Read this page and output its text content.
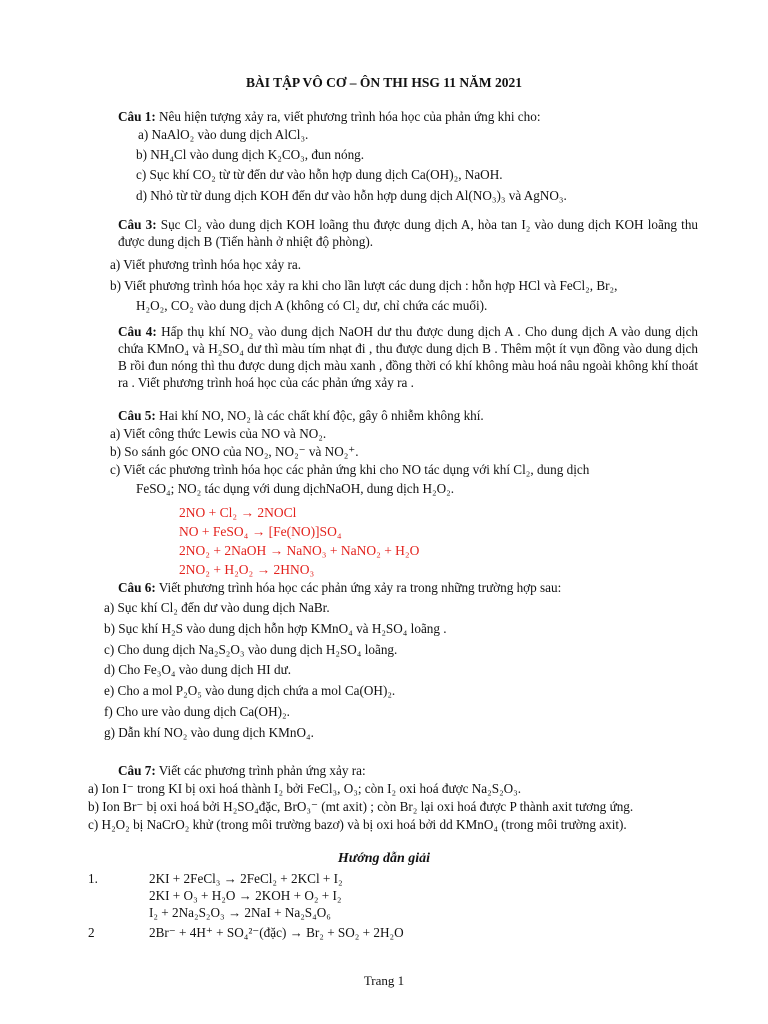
BÀI TẬP VÔ CƠ – ÔN THI HSG 11 NĂM 2021
Câu 1: Nêu hiện tượng xảy ra, viết phương trình hóa học của phản ứng khi cho:
a) NaAlO₂ vào dung dịch AlCl₃.
b) NH₄Cl vào dung dịch K₂CO₃, đun nóng.
c) Sục khí CO₂ từ từ đến dư vào hỗn hợp dung dịch Ca(OH)₂, NaOH.
d) Nhỏ từ từ dung dịch KOH đến dư vào hỗn hợp dung dịch Al(NO₃)₃ và AgNO₃.
Câu 3: Sục Cl₂ vào dung dịch KOH loãng thu được dung dịch A, hòa tan I₂ vào dung dịch KOH loãng thu được dung dịch B (Tiến hành ở nhiệt độ phòng).
a) Viết phương trình hóa học xảy ra.
b) Viết phương trình hóa học xảy ra khi cho lần lượt các dung dịch : hỗn hợp HCl và FeCl₂, Br₂,
H₂O₂, CO₂ vào dung dịch A (không có Cl₂ dư, chỉ chứa các muối).
Câu 4: Hấp thụ khí NO₂ vào dung dịch NaOH dư thu được dung dịch A . Cho dung dịch A vào dung dịch chứa KMnO₄ và H₂SO₄ dư thì màu tím nhạt đi , thu được dung dịch B . Thêm một ít vụn đồng vào dung dịch B rồi đun nóng thì thu được dung dịch màu xanh , đồng thời có khí không màu hoá nâu ngoài không khí thoát ra . Viết phương trình hoá học của các phản ứng xảy ra .
Câu 5: Hai khí NO, NO₂ là các chất khí độc, gây ô nhiễm không khí.
a) Viết công thức Lewis của NO và NO₂.
b) So sánh góc ONO của NO₂, NO₂⁻ và NO₂⁺.
c) Viết các phương trình hóa học các phản ứng khi cho NO tác dụng với khí Cl₂, dung dịch
FeSO₄; NO₂ tác dụng với dung dịchNaOH, dung dịch H₂O₂.
2NO + Cl₂ → 2NOCl
NO + FeSO₄ → [Fe(NO)]SO₄
2NO₂ + 2NaOH → NaNO₃ + NaNO₂ + H₂O
2NO₂ + H₂O₂ → 2HNO₃
Câu 6: Viết phương trình hóa học các phản ứng xảy ra trong những trường hợp sau:
a) Sục khí Cl₂ đến dư vào dung dịch NaBr.
b) Sục khí H₂S vào dung dịch hỗn hợp KMnO₄ và H₂SO₄ loãng .
c) Cho dung dịch Na₂S₂O₃ vào dung dịch H₂SO₄ loãng.
d) Cho Fe₃O₄ vào dung dịch HI dư.
e) Cho a mol P₂O₅ vào dung dịch chứa a mol Ca(OH)₂.
f) Cho ure vào dung dịch Ca(OH)₂.
g) Dẫn khí NO₂ vào dung dịch KMnO₄.
Câu 7: Viết các phương trình phản ứng xảy ra:
a) Ion I⁻ trong KI bị oxi hoá thành I₂ bởi FeCl₃, O₃; còn I₂ oxi hoá được Na₂S₂O₃.
b) Ion Br⁻ bị oxi hoá bởi H₂SO₄đặc, BrO₃⁻ (mt axit) ; còn Br₂ lại oxi hoá được P thành axit tương ứng.
c) H₂O₂ bị NaCrO₂ khử (trong môi trường bazơ) và bị oxi hoá bởi dd KMnO₄ (trong môi trường axit).
Hướng dẫn giải
1.	2KI + 2FeCl₃ → 2FeCl₂ + 2KCl + I₂
2KI + O₃ + H₂O → 2KOH + O₂ + I₂
I₂ + 2Na₂S₂O₃ → 2NaI + Na₂S₄O₆
2	2Br⁻ + 4H⁺ + SO₄²⁻(đặc) → Br₂ + SO₂ + 2H₂O
Trang 1
